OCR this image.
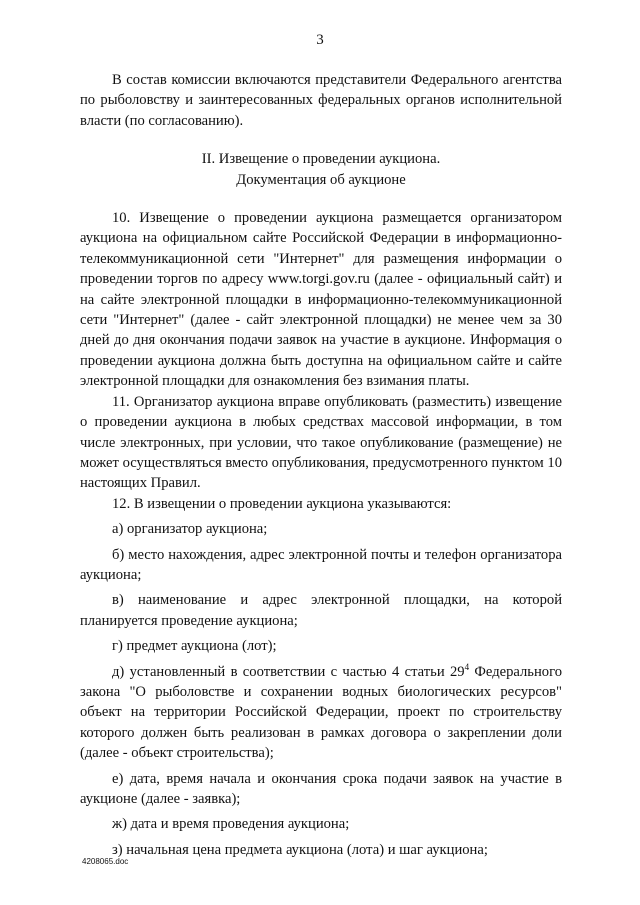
3

В состав комиссии включаются представители Федерального агентства по рыболовству и заинтересованных федеральных органов исполнительной власти (по согласованию).

II. Извещение о проведении аукциона.
Документация об аукционе

10. Извещение о проведении аукциона размещается организатором аукциона на официальном сайте Российской Федерации в информационно-телекоммуникационной сети "Интернет" для размещения информации о проведении торгов по адресу www.torgi.gov.ru (далее - официальный сайт) и на сайте электронной площадки в информационно-телекоммуникационной сети "Интернет" (далее - сайт электронной площадки) не менее чем за 30 дней до дня окончания подачи заявок на участие в аукционе. Информация о проведении аукциона должна быть доступна на официальном сайте и сайте электронной площадки для ознакомления без взимания платы.

11. Организатор аукциона вправе опубликовать (разместить) извещение о проведении аукциона в любых средствах массовой информации, в том числе электронных, при условии, что такое опубликование (размещение) не может осуществляться вместо опубликования, предусмотренного пунктом 10 настоящих Правил.

12. В извещении о проведении аукциона указываются:

а) организатор аукциона;

б) место нахождения, адрес электронной почты и телефон организатора аукциона;

в) наименование и адрес электронной площадки, на которой планируется проведение аукциона;

г) предмет аукциона (лот);

д) установленный в соответствии с частью 4 статьи $29^4$ Федерального закона "О рыболовстве и сохранении водных биологических ресурсов" объект на территории Российской Федерации, проект по строительству которого должен быть реализован в рамках договора о закреплении доли (далее - объект строительства);

е) дата, время начала и окончания срока подачи заявок на участие в аукционе (далее - заявка);

ж) дата и время проведения аукциона;

з) начальная цена предмета аукциона (лота) и шаг аукциона;

4208065.doc
